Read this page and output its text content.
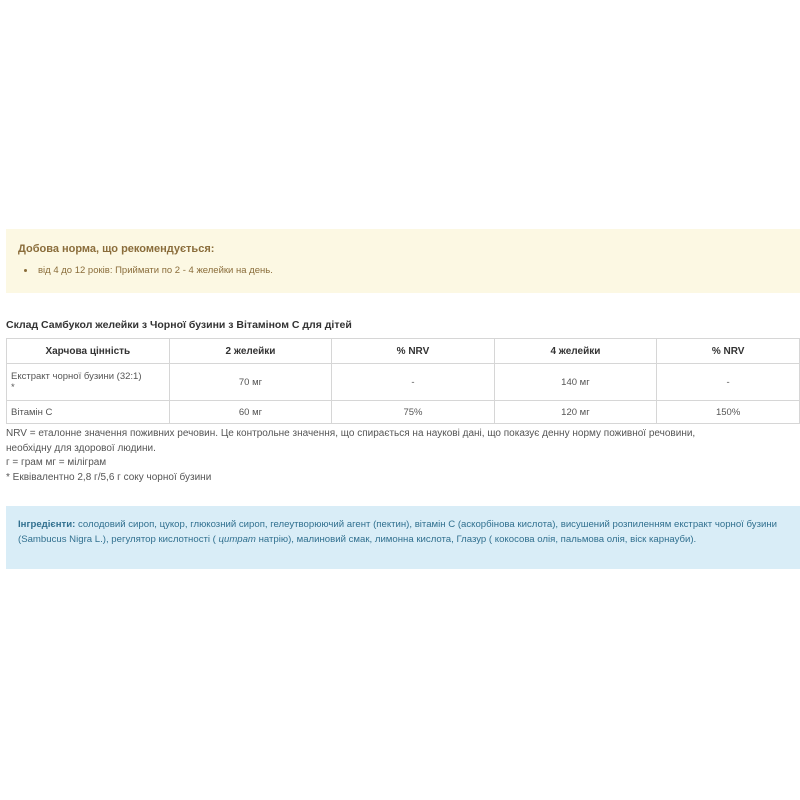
Добова норма, що рекомендується:

• від 4 до 12 років: Приймати по 2 - 4 желейки на день.
Склад Самбукол желейки з Чорної бузини з Вітаміном С для дітей
Харчова цінність	2 желейки	% NRV	4 желейки	% NRV

Екстракт чорної бузини (32:1)
*	70 мг	-	140 мг	-
Вітамін С	60 мг	75%	120 мг	150%

NRV = еталонне значення поживних речовин. Це контрольне значення, що спирається на наукові дані, що показує денну норму поживної речовини,

необхідну для здорової людини.

г = грам мг = міліграм

* Еквівалентно 2,8 г/5,6 г соку чорної бузини

Інгредієнти: солодовий сироп, цукор, глюкозний сироп, гелеутворюючий агент (пектин), вітамін С (аскорбінова кислота), висушений розпиленням екстракт чорної бузини (Sambucus Nigra L.), регулятор кислотності ( цитрат натрію), малиновий смак, лимонна кислота, Глазур ( кокосова олія, пальмова олія, віск карнауби).
